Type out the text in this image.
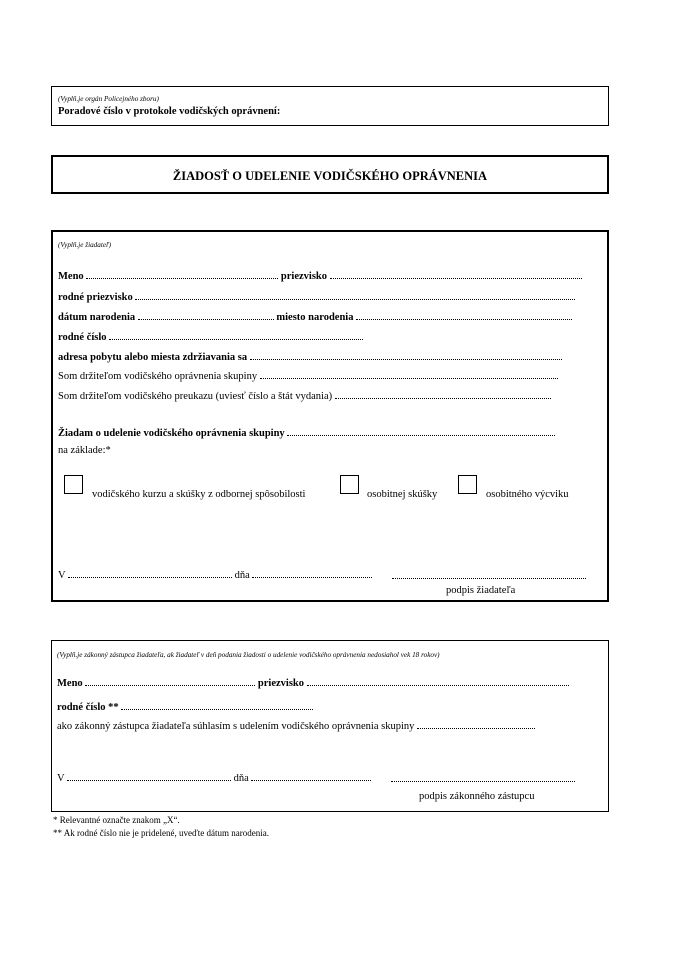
(Vyplň.je orgán Policejného zboru)
Poradové číslo v protokole vodičských oprávnení:
ŽIADOSŤ O UDELENIE VODIČSKÉHO OPRÁVNENIA
(Vyplň.je žiadateľ)
Meno	priezvisko
rodné priezvisko
dátum narodenia	miesto narodenia
rodné číslo
adresa pobytu alebo miesta zdržiavania sa
Som držiteľom vodičského oprávnenia skupiny
Som držiteľom vodičského preukazu (uviesť číslo a štát vydania)
Žiadam o udelenie vodičského oprávnenia skupiny
na základe:*
vodičského kurzu a skúšky z odbornej spôsobilosti	osobitnej skúšky	osobitného výcviku
V	dňa
podpis žiadateľa
(Vyplň.je zákonný zástupca žiadateľa, ak žiadateľ v deň podania žiadosti o udelenie vodičského oprávnenia nedosiahol vek 18 rokov)
Meno	priezvisko
rodné číslo **
ako zákonný zástupca žiadateľa súhlasím s udelením vodičského oprávnenia skupiny
V	dňa
podpis zákonného zástupcu
* Relevantné označte znakom „X“.
** Ak rodné číslo nie je pridelené, uveďte dátum narodenia.
